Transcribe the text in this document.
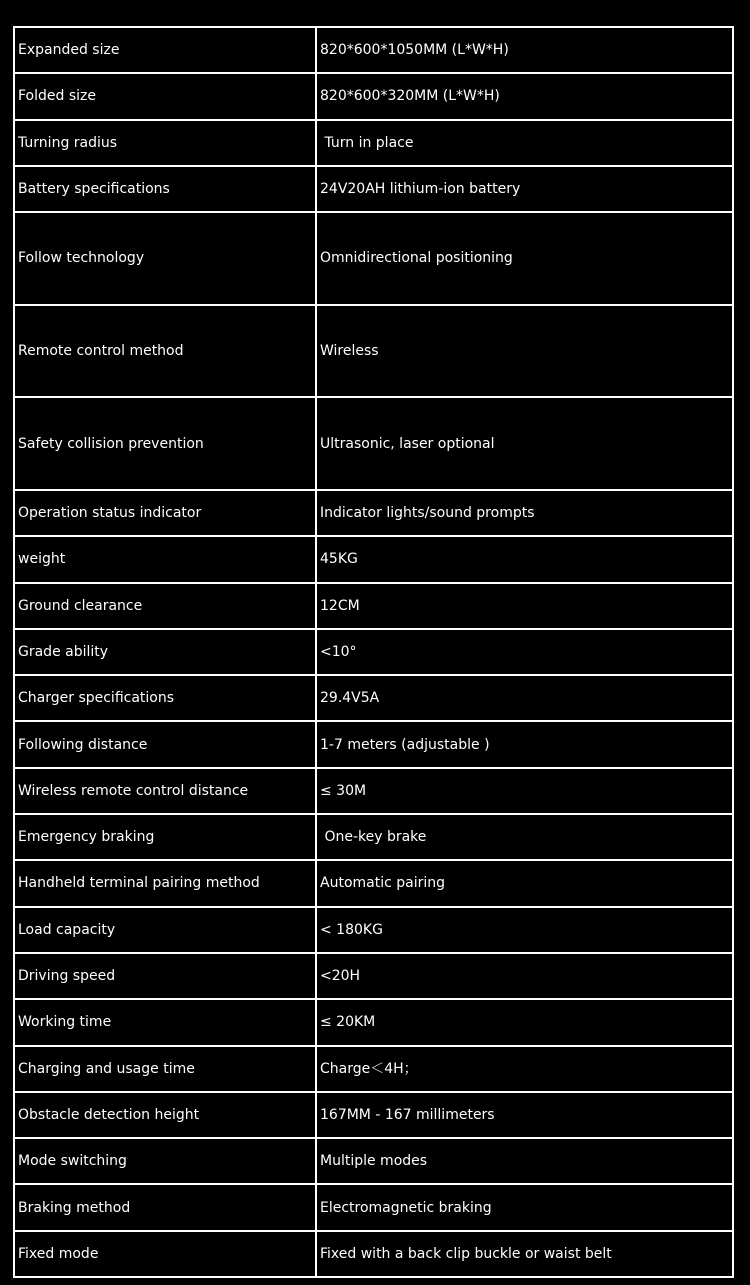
Expanded size	820*600*1050MM (L*W*H)
Folded size	820*600*320MM (L*W*H)
Turning radius	Turn in place
Battery specifications	24V20AH lithium-ion battery
Follow technology	Omnidirectional positioning
Remote control method	Wireless
Safety collision prevention	Ultrasonic, laser optional
Operation status indicator	Indicator lights/sound prompts
weight	45KG
Ground clearance	12CM
Grade ability	<10°
Charger specifications	29.4V5A
Following distance	1-7 meters (adjustable )
Wireless remote control distance	≤ 30M
Emergency braking	One-key brake
Handheld terminal pairing method	Automatic pairing
Load capacity	< 180KG
Driving speed	<20H
Working time	≤ 20KM
Charging and usage time	Charge＜4H；
Obstacle detection height	167MM - 167 millimeters
Mode switching	Multiple modes
Braking method	Electromagnetic braking
Fixed mode	Fixed with a back clip buckle or waist belt
